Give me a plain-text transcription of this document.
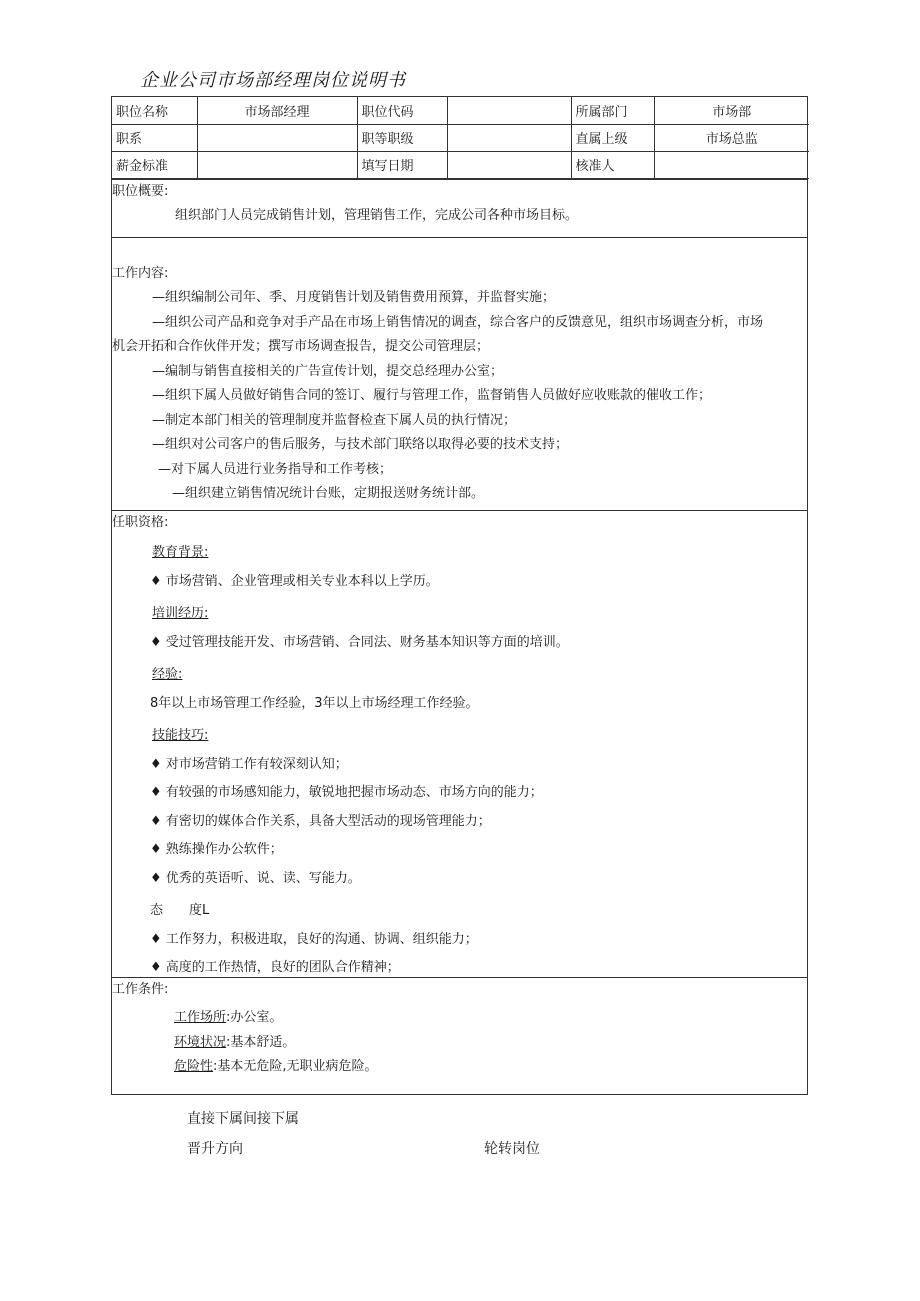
企业公司市场部经理岗位说明书
职位名称	市场部经理	职位代码		所属部门	市场部
职系		职等职级		直属上级	市场总监
薪金标准		填写日期		核准人	
职位概要:
组织部门人员完成销售计划，管理销售工作，完成公司各种市场目标。
工作内容:
—组织编制公司年、季、月度销售计划及销售费用预算，并监督实施；
—组织公司产品和竞争对手产品在市场上销售情况的调查，综合客户的反馈意见，组织市场调查分析，市场
机会开拓和合作伙伴开发；撰写市场调查报告，提交公司管理层；
—编制与销售直接相关的广告宣传计划，提交总经理办公室；
—组织下属人员做好销售合同的签订、履行与管理工作，监督销售人员做好应收账款的催收工作；
—制定本部门相关的管理制度并监督检查下属人员的执行情况；
—组织对公司客户的售后服务，与技术部门联络以取得必要的技术支持；
—对下属人员进行业务指导和工作考核；
—组织建立销售情况统计台账，定期报送财务统计部。
任职资格:
教育背景:
♦ 市场营销、企业管理或相关专业本科以上学历。
培训经历:
♦ 受过管理技能开发、市场营销、合同法、财务基本知识等方面的培训。
经验:
8年以上市场管理工作经验，3年以上市场经理工作经验。
技能技巧:
♦ 对市场营销工作有较深刻认知；
♦ 有较强的市场感知能力，敏锐地把握市场动态、市场方向的能力；
♦ 有密切的媒体合作关系，具备大型活动的现场管理能力；
♦ 熟练操作办公软件；
♦ 优秀的英语听、说、读、写能力。
态　　度L
♦ 工作努力，积极进取，良好的沟通、协调、组织能力；
♦ 高度的工作热情，良好的团队合作精神；
工作条件:
工作场所:办公室。
环境状况:基本舒适。
危险性:基本无危险,无职业病危险。
直接下属间接下属
晋升方向	轮转岗位
